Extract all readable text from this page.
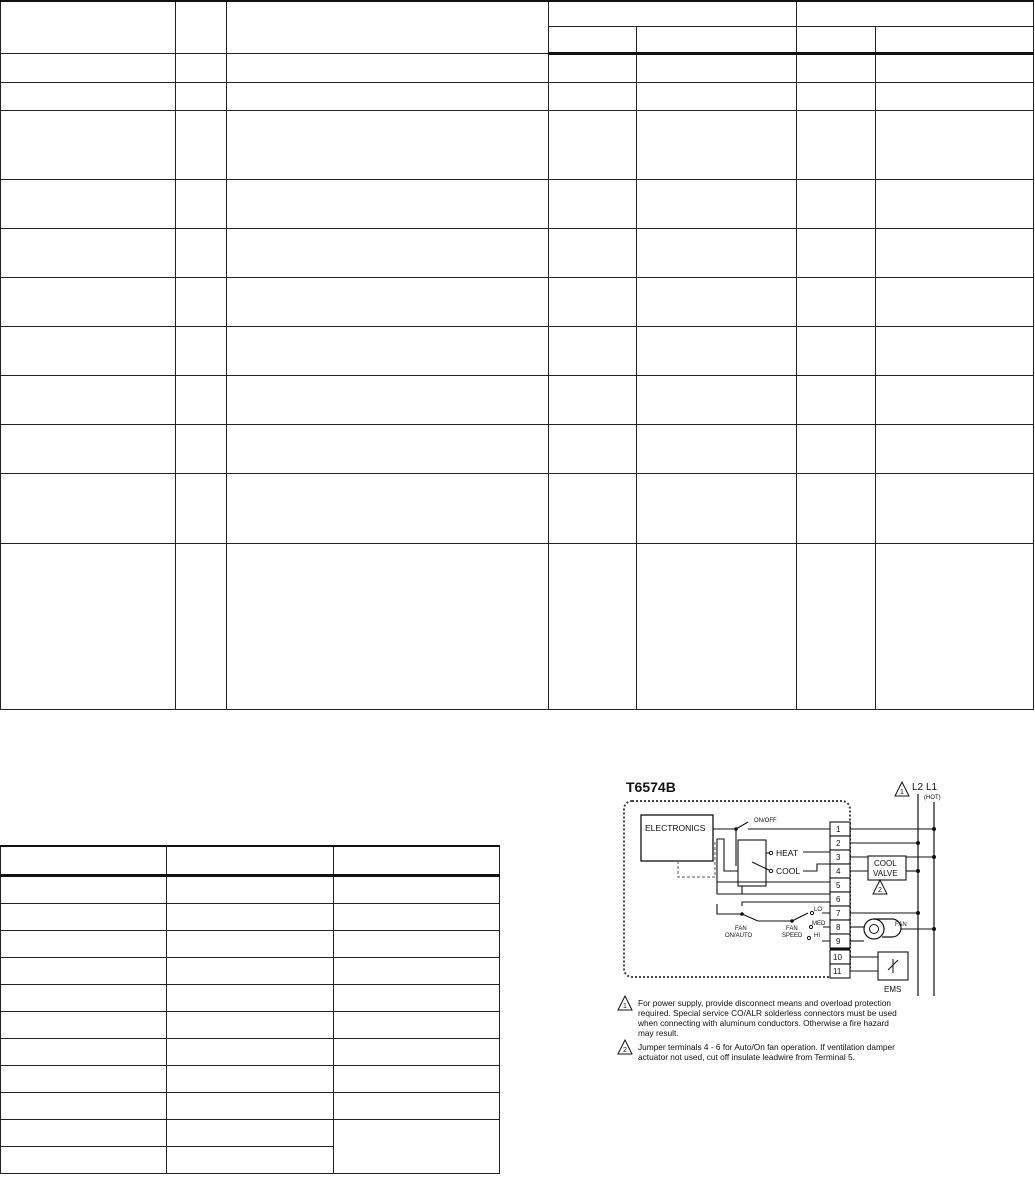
T6574B
ELECTRONICS
ON/OFF
1
2
3
4
5
6
7
8
9
10
11
L2 L1
(HOT)
1
COOL
VALVE
2
HEAT
COOL
FAN
ON/AUTO
FAN
SPEED
LO
MED
HI
FAN
EMS
1 For power supply, provide disconnect means and overload protection
required. Special service CO/ALR solderless connectors must be used
when connecting with aluminum conductors. Otherwise a fire hazard
may result.
2 Jumper terminals 4 - 6 for Auto/On fan operation. If ventilation damper
actuator not used, cut off insulate leadwire from Terminal 5.
